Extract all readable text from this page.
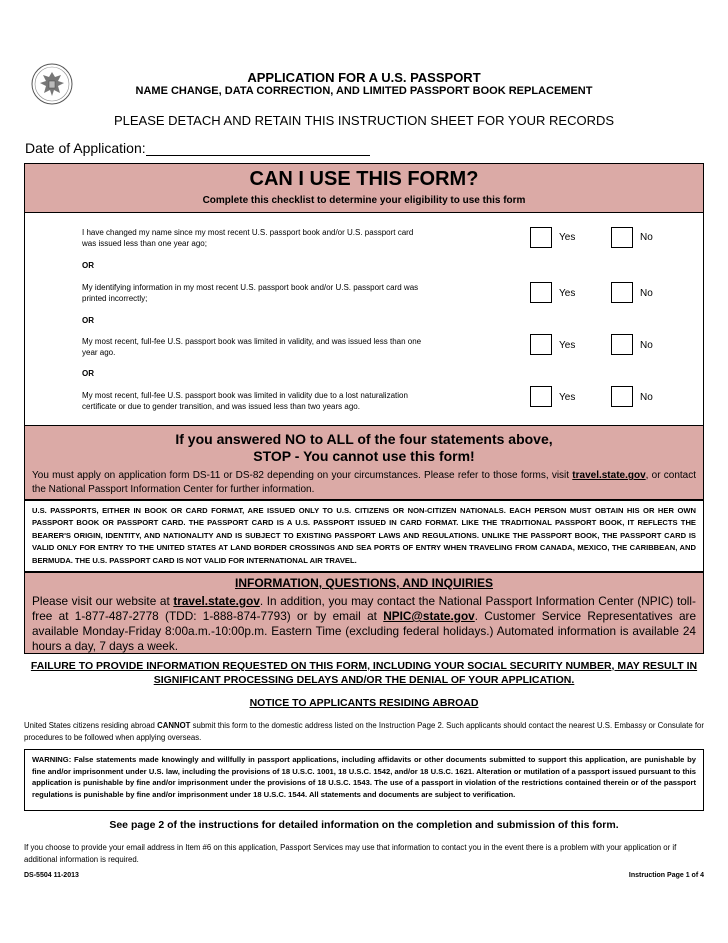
APPLICATION FOR A U.S. PASSPORT
NAME CHANGE, DATA CORRECTION, AND LIMITED PASSPORT BOOK REPLACEMENT
PLEASE DETACH AND RETAIN THIS INSTRUCTION SHEET FOR YOUR RECORDS
Date of Application:
CAN I USE THIS FORM?
Complete this checklist to determine your eligibility to use this form
I have changed my name since my most recent U.S. passport book and/or U.S. passport card was issued less than one year ago;
Yes	No
OR
My identifying information in my most recent U.S. passport book and/or U.S. passport card was printed incorrectly;	Yes	No
OR
My most recent, full-fee U.S. passport book was limited in validity, and was issued less than one year ago.
Yes	No
OR
My most recent, full-fee U.S. passport book was limited in validity due to a lost naturalization certificate or due to gender transition, and was issued less than two years ago.
Yes	No
If you answered NO to ALL of the four statements above,
STOP - You cannot use this form!
You must apply on application form DS-11 or DS-82 depending on your circumstances. Please refer to those forms, visit travel.state.gov, or contact the National Passport Information Center for further information.
U.S. PASSPORTS, EITHER IN BOOK OR CARD FORMAT, ARE ISSUED ONLY TO U.S. CITIZENS OR NON-CITIZEN NATIONALS. EACH PERSON MUST OBTAIN HIS OR HER OWN PASSPORT BOOK OR PASSPORT CARD. THE PASSPORT CARD IS A U.S. PASSPORT ISSUED IN CARD FORMAT. LIKE THE TRADITIONAL PASSPORT BOOK, IT REFLECTS THE BEARER'S ORIGIN, IDENTITY, AND NATIONALITY AND IS SUBJECT TO EXISTING PASSPORT LAWS AND REGULATIONS. UNLIKE THE PASSPORT BOOK, THE PASSPORT CARD IS VALID ONLY FOR ENTRY TO THE UNITED STATES AT LAND BORDER CROSSINGS AND SEA PORTS OF ENTRY WHEN TRAVELING FROM CANADA, MEXICO, THE CARIBBEAN, AND BERMUDA. THE U.S. PASSPORT CARD IS NOT VALID FOR INTERNATIONAL AIR TRAVEL.
INFORMATION, QUESTIONS, AND INQUIRIES
Please visit our website at travel.state.gov. In addition, you may contact the National Passport Information Center (NPIC) toll-free at 1-877-487-2778 (TDD: 1-888-874-7793) or by email at NPIC@state.gov. Customer Service Representatives are available Monday-Friday 8:00a.m.-10:00p.m. Eastern Time (excluding federal holidays.) Automated information is available 24 hours a day, 7 days a week.
FAILURE TO PROVIDE INFORMATION REQUESTED ON THIS FORM, INCLUDING YOUR SOCIAL SECURITY NUMBER, MAY RESULT IN SIGNIFICANT PROCESSING DELAYS AND/OR THE DENIAL OF YOUR APPLICATION.
NOTICE TO APPLICANTS RESIDING ABROAD
United States citizens residing abroad CANNOT submit this form to the domestic address listed on the Instruction Page 2. Such applicants should contact the nearest U.S. Embassy or Consulate for procedures to be followed when applying overseas.
WARNING: False statements made knowingly and willfully in passport applications, including affidavits or other documents submitted to support this application, are punishable by fine and/or imprisonment under U.S. law, including the provisions of 18 U.S.C. 1001, 18 U.S.C. 1542, and/or 18 U.S.C. 1621. Alteration or mutilation of a passport issued pursuant to this application is punishable by fine and/or imprisonment under the provisions of 18 U.S.C. 1543. The use of a passport in violation of the restrictions contained therein or of the passport regulations is punishable by fine and/or imprisonment under 18 U.S.C. 1544. All statements and documents are subject to verification.
See page 2 of the instructions for detailed information on the completion and submission of this form.
If you choose to provide your email address in Item #6 on this application, Passport Services may use that information to contact you in the event there is a problem with your application or if additional information is required.
DS-5504 11-2013	Instruction Page 1 of 4
